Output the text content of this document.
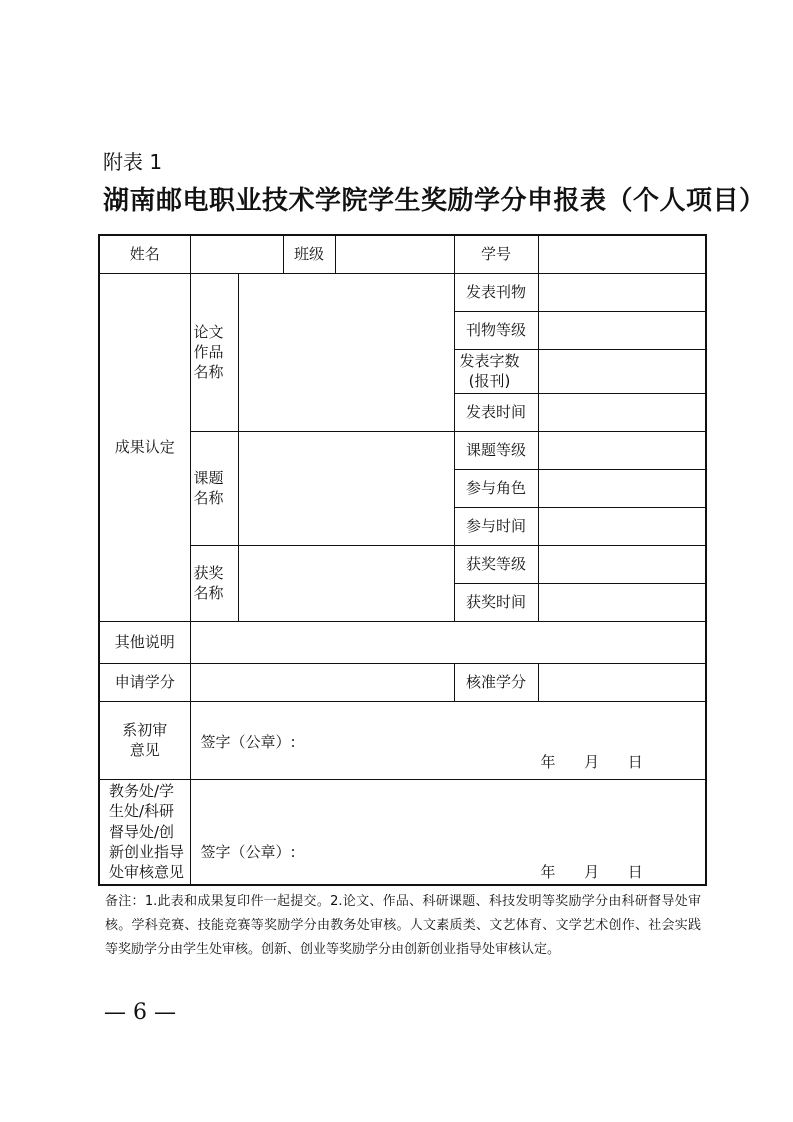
附表 1
湖南邮电职业技术学院学生奖励学分申报表（个人项目）
姓名			班级		学号	
成果认定	论文作品名称				发表刊物	
					刊物等级	

					发表字数(报刊)	

					发表时间	

	课题名称				课题等级	
					参与角色	
					参与时间	

	获奖名称				获奖等级	
					获奖时间	
其他说明						
申请学分					核准学分	

系初审意见	签字（公章）:
年      月      日					

教务处/学生处/科研督导处/创新创业指导处审核意见	签字（公章）:
年      月      日					
备注：1.此表和成果复印件一起提交。2.论文、作品、科研课题、科技发明等奖励学分由科研督导处审核。学科竞赛、技能竞赛等奖励学分由教务处审核。人文素质类、文艺体育、文学艺术创作、社会实践等奖励学分由学生处审核。创新、创业等奖励学分由创新创业指导处审核认定。
— 6 —
